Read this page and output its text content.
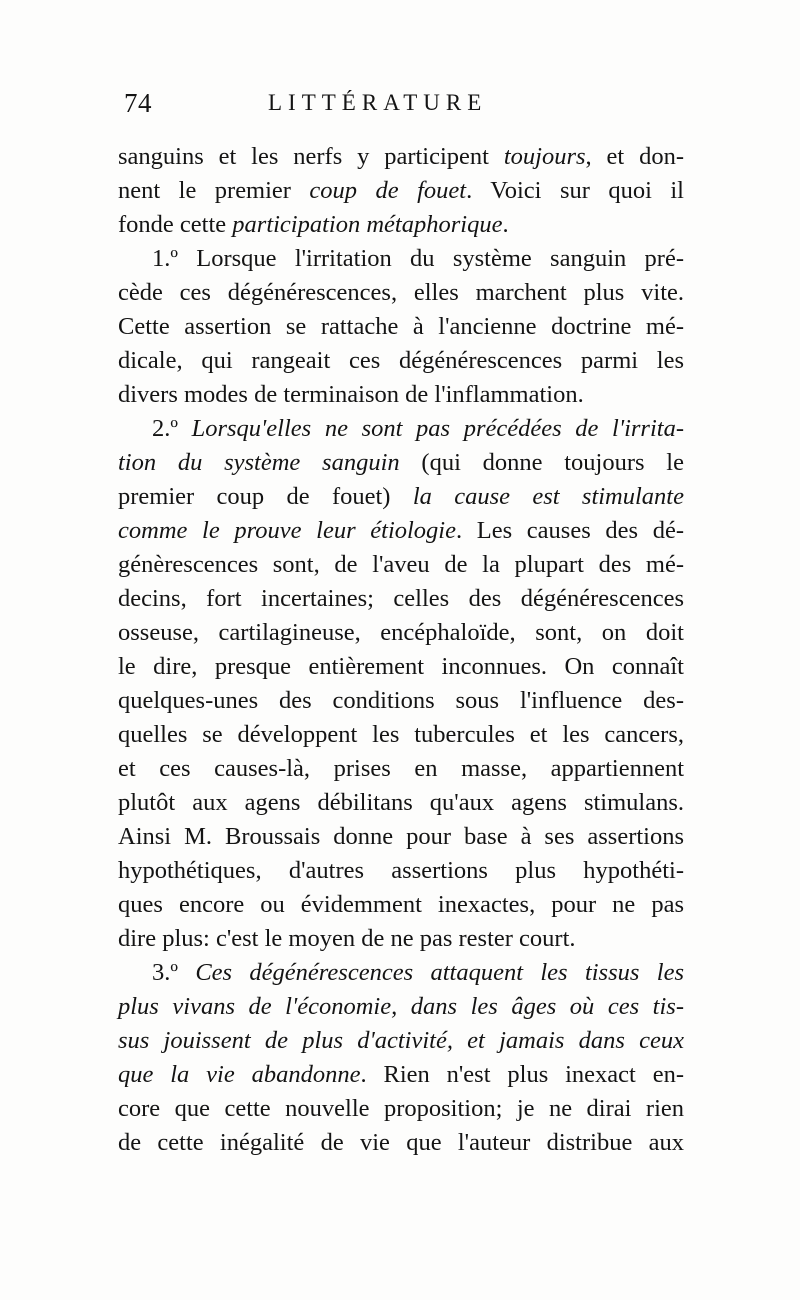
74	LITTÉRATURE
sanguins et les nerfs y participent toujours, et don-
nent le premier coup de fouet. Voici sur quoi il
fonde cette participation métaphorique.
1.º Lorsque l'irritation du système sanguin pré-
cède ces dégénérescences, elles marchent plus vite.
Cette assertion se rattache à l'ancienne doctrine mé-
dicale, qui rangeait ces dégénérescences parmi les
divers modes de terminaison de l'inflammation.
2.º Lorsqu'elles ne sont pas précédées de l'irrita-
tion du système sanguin (qui donne toujours le
premier coup de fouet) la cause est stimulante
comme le prouve leur étiologie. Les causes des dé-
génèrescences sont, de l'aveu de la plupart des mé-
decins, fort incertaines; celles des dégénérescences
osseuse, cartilagineuse, encéphaloïde, sont, on doit
le dire, presque entièrement inconnues. On connaît
quelques-unes des conditions sous l'influence des-
quelles se développent les tubercules et les cancers,
et ces causes-là, prises en masse, appartiennent
plutôt aux agens débilitans qu'aux agens stimulans.
Ainsi M. Broussais donne pour base à ses assertions
hypothétiques, d'autres assertions plus hypothéti-
ques encore ou évidemment inexactes, pour ne pas
dire plus: c'est le moyen de ne pas rester court.
3.º Ces dégénérescences attaquent les tissus les
plus vivans de l'économie, dans les âges où ces tis-
sus jouissent de plus d'activité, et jamais dans ceux
que la vie abandonne. Rien n'est plus inexact en-
core que cette nouvelle proposition; je ne dirai rien
de cette inégalité de vie que l'auteur distribue aux
